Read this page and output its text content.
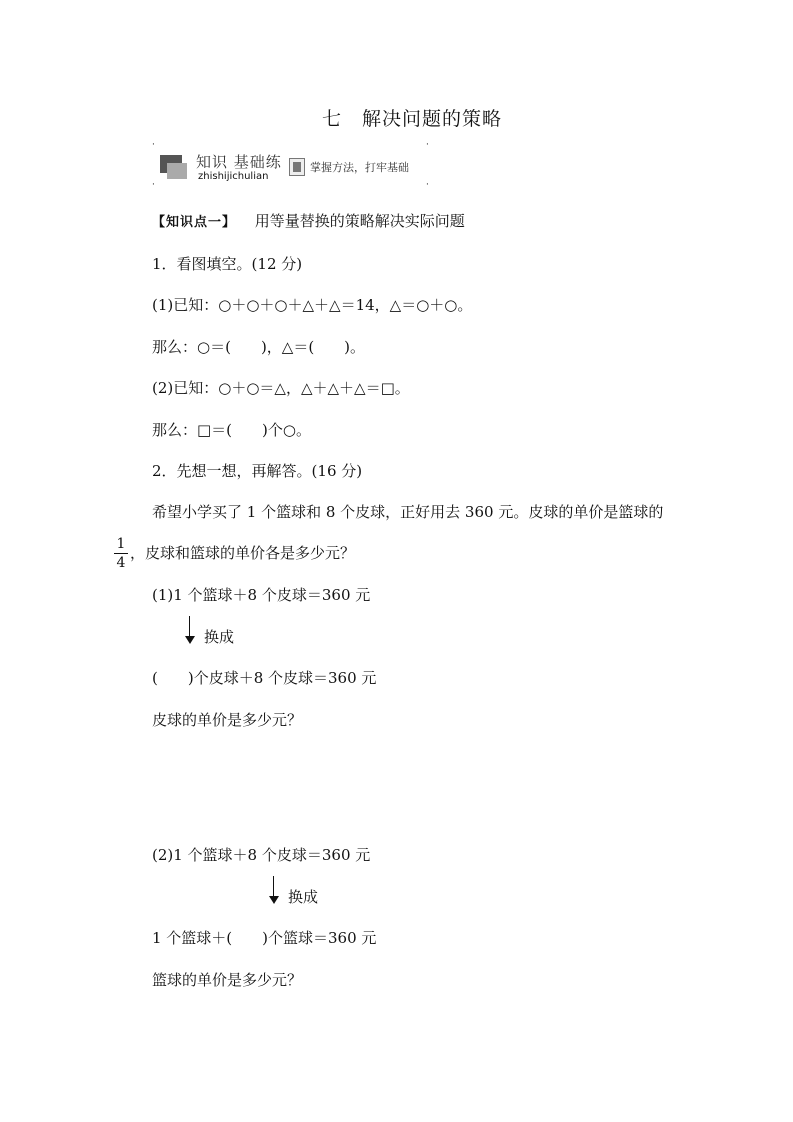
七　解决问题的策略
·	·
·	·
知识 基础练
zhishijichulian
掌握方法，打牢基础
【知识点一】 用等量替换的策略解决实际问题
1．看图填空。(12 分)
(1)已知：○＋○＋○＋△＋△＝14，△＝○＋○。
那么：○＝(　　)，△＝(　　)。
(2)已知：○＋○＝△，△＋△＋△＝□。
那么：□＝(　　)个○。
2．先想一想，再解答。(16 分)
希望小学买了 1 个篮球和 8 个皮球，正好用去 360 元。皮球的单价是篮球的
1
4
，皮球和篮球的单价各是多少元？
(1)1 个篮球＋8 个皮球＝360 元
换成
(　　)个皮球＋8 个皮球＝360 元
皮球的单价是多少元？
(2)1 个篮球＋8 个皮球＝360 元
换成
1 个篮球＋(　　)个篮球＝360 元
篮球的单价是多少元？
